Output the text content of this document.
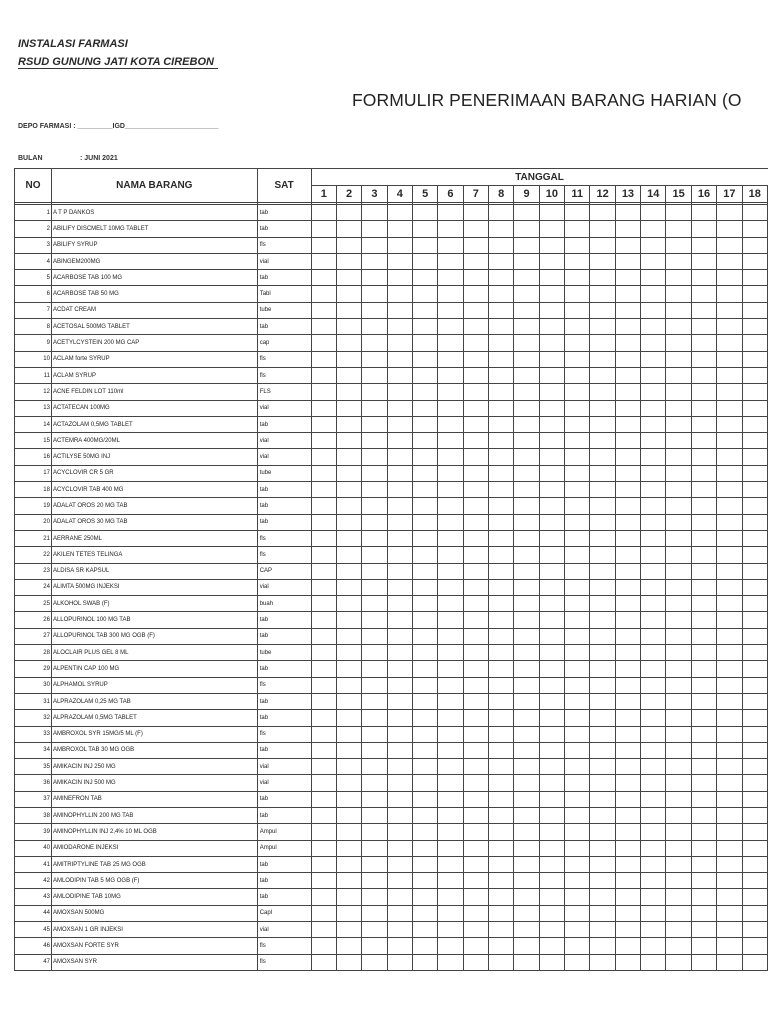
INSTALASI FARMASI
RSUD GUNUNG JATI KOTA CIREBON
FORMULIR PENERIMAAN BARANG HARIAN (O
DEPO FARMASI : _________IGD________________________
BULAN	: JUNI 2021
NO	NAMA BARANG	SAT	TANGGAL																	
			1	2	3	4	5	6	7	8	9	10	11	12	13	14	15	16	17	18

1	A T P DANKOS	tab																		
2	ABILIFY DISCMELT 10MG TABLET	tab																		
3	ABILIFY SYRUP	fls																		
4	ABINGEM200MG	vial																		
5	ACARBOSE TAB 100 MG	tab																		
6	ACARBOSE TAB 50 MG	Tabl																		
7	ACDAT CREAM	tube																		
8	ACETOSAL 500MG TABLET	tab																		
9	ACETYLCYSTEIN 200 MG CAP	cap																		
10	ACLAM forte SYRUP	fls																		
11	ACLAM SYRUP	fls																		
12	ACNE FELDIN LOT 110ml	FLS																		
13	ACTATECAN 100MG	vial																		
14	ACTAZOLAM 0,5MG TABLET	tab																		
15	ACTEMRA 400MG/20ML	vial																		
16	ACTILYSE 50MG INJ	vial																		
17	ACYCLOVIR CR 5 GR	tube																		
18	ACYCLOVIR TAB 400 MG	tab																		
19	ADALAT OROS 20 MG TAB	tab																		
20	ADALAT OROS 30 MG TAB	tab																		
21	AERRANE 250ML	fls																		
22	AKILEN TETES TELINGA	fls																		
23	ALDISA SR KAPSUL	CAP																		
24	ALIMTA 500MG INJEKSI	vial																		
25	ALKOHOL SWAB (F)	buah																		
26	ALLOPURINOL 100 MG TAB	tab																		
27	ALLOPURINOL TAB 300 MG OGB (F)	tab																		
28	ALOCLAIR PLUS GEL 8 ML	tube																		
29	ALPENTIN CAP 100 MG	tab																		
30	ALPHAMOL SYRUP	fls																		
31	ALPRAZOLAM 0,25 MG TAB	tab																		
32	ALPRAZOLAM 0,5MG TABLET	tab																		
33	AMBROXOL SYR 15MG/5 ML (F)	fls																		
34	AMBROXOL TAB 30 MG OGB	tab																		
35	AMIKACIN INJ 250 MG	vial																		
36	AMIKACIN INJ 500 MG	vial																		
37	AMINEFRON TAB	tab																		
38	AMINOPHYLLIN 200 MG TAB	tab																		
39	AMINOPHYLLIN INJ 2,4% 10 ML OGB	Ampul																		
40	AMIODARONE INJEKSI	Ampul																		
41	AMITRIPTYLINE TAB 25 MG OGB	tab																		
42	AMLODIPIN TAB 5 MG OGB (F)	tab																		
43	AMLODIPINE TAB 10MG	tab																		
44	AMOXSAN 500MG	Capl																		
45	AMOXSAN 1 GR INJEKSI	vial																		
46	AMOXSAN FORTE SYR	fls																		
47	AMOXSAN SYR	fls																		
